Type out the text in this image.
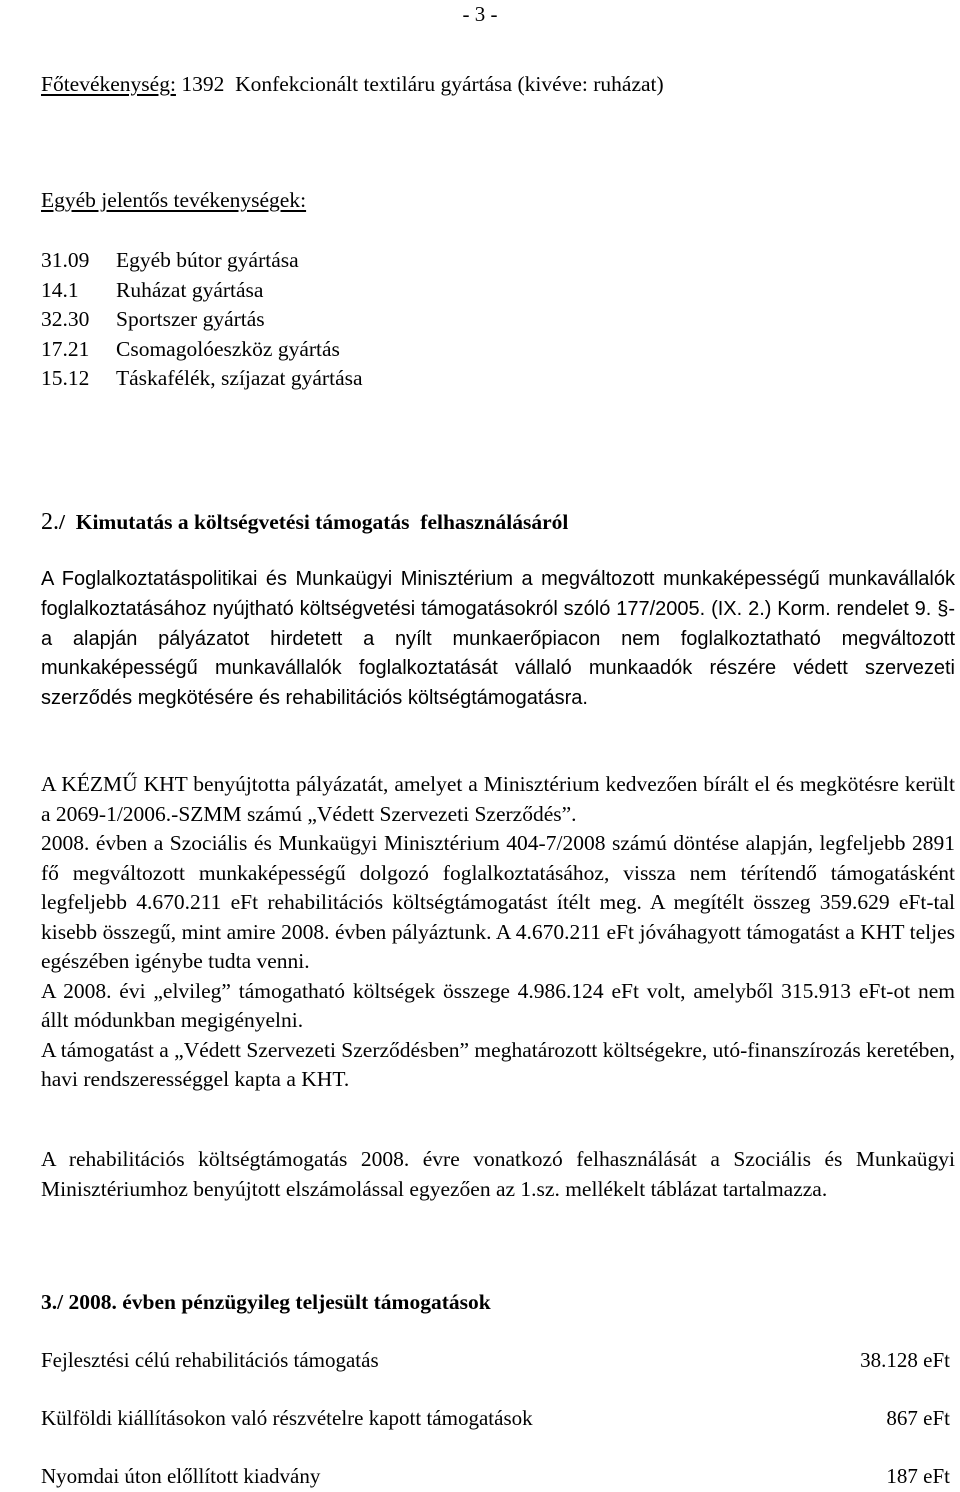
- 3 -
Főtevékenység: 1392  Konfekcionált textiláru gyártása (kivéve: ruházat)
Egyéb jelentős tevékenységek:
31.09	Egyéb bútor gyártása
14.1	Ruházat gyártása
32.30	Sportszer gyártás
17.21	Csomagolóeszköz gyártás
15.12	Táskafélék, szíjazat gyártása
2./  Kimutatás a költségvetési támogatás  felhasználásáról

A Foglalkoztatáspolitikai és Munkaügyi Minisztérium a megváltozott munkaképességű munkavállalók foglalkoztatásához nyújtható költségvetési támogatásokról szóló 177/2005. (IX. 2.) Korm. rendelet 9. §-a alapján pályázatot hirdetett a nyílt munkaerőpiacon nem foglalkoztatható megváltozott munkaképességű munkavállalók foglalkoztatását vállaló munkaadók részére védett szervezeti szerződés megkötésére és rehabilitációs költségtámogatásra.

A KÉZMŰ KHT benyújtotta pályázatát, amelyet a Minisztérium kedvezően bírált el és megkötésre került a 2069-1/2006.-SZMM számú „Védett Szervezeti Szerződés”.

2008. évben a Szociális és Munkaügyi Minisztérium 404-7/2008 számú döntése alapján, legfeljebb 2891 fő megváltozott munkaképességű dolgozó foglalkoztatásához, vissza nem térítendő támogatásként legfeljebb 4.670.211 eFt rehabilitációs költségtámogatást ítélt meg. A megítélt összeg 359.629 eFt-tal kisebb összegű, mint amire 2008. évben pályáztunk. A 4.670.211 eFt jóváhagyott támogatást a KHT teljes egészében igénybe tudta venni.

A 2008. évi „elvileg” támogatható költségek összege 4.986.124 eFt volt, amelyből 315.913 eFt-ot nem állt módunkban megigényelni.

A támogatást a „Védett Szervezeti Szerződésben” meghatározott költségekre, utó-finanszírozás keretében, havi rendszerességgel kapta a KHT.

A rehabilitációs költségtámogatás 2008. évre vonatkozó felhasználását a Szociális és Munkaügyi Minisztériumhoz benyújtott elszámolással egyezően az 1.sz. mellékelt táblázat tartalmazza.

3./ 2008. évben pénzügyileg teljesült támogatások
Fejlesztési célú rehabilitációs támogatás	38.128 eFt
Külföldi kiállításokon való részvételre kapott támogatások	867 eFt
Nyomdai úton előllított kiadvány	187 eFt
